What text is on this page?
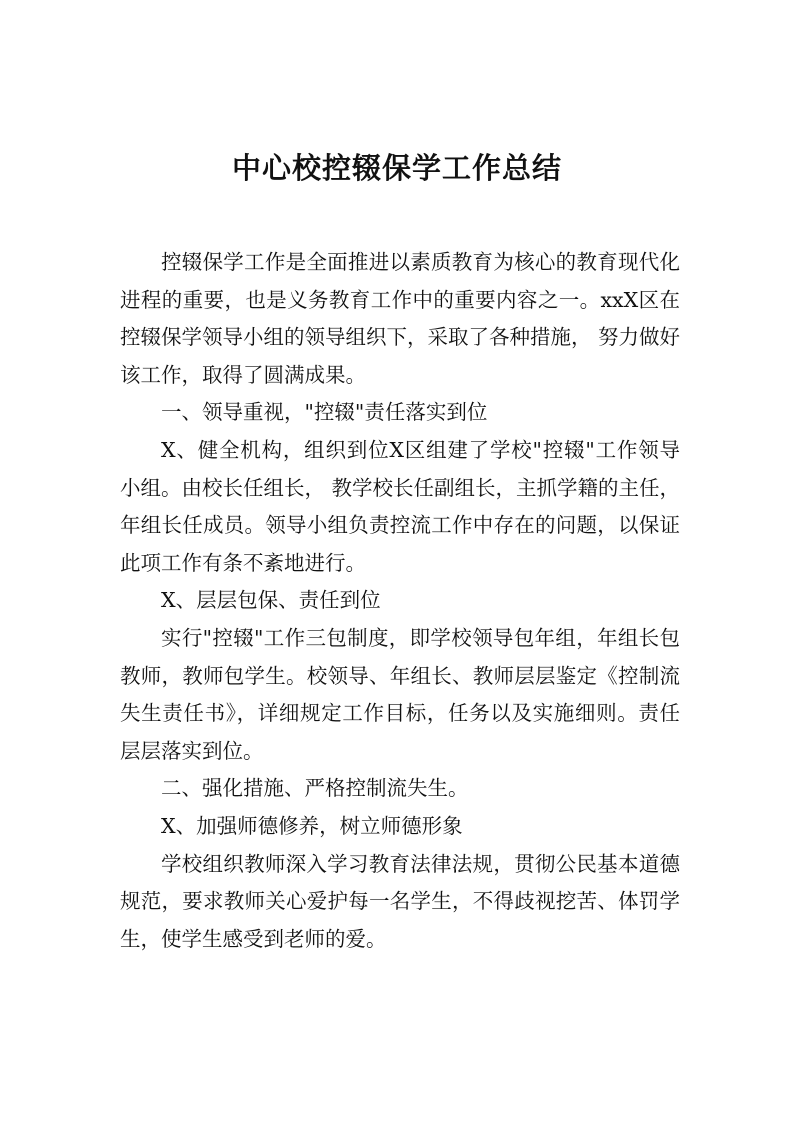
中心校控辍保学工作总结

控辍保学工作是全面推进以素质教育为核心的教育现代化进程的重要，也是义务教育工作中的重要内容之一。xxX区在控辍保学领导小组的领导组织下，采取了各种措施， 努力做好该工作，取得了圆满成果。

一、领导重视，"控辍"责任落实到位

X、健全机构，组织到位X区组建了学校"控辍"工作领导小组。由校长任组长， 教学校长任副组长，主抓学籍的主任，年组长任成员。领导小组负责控流工作中存在的问题，以保证此项工作有条不紊地进行。

X、层层包保、责任到位

实行"控辍"工作三包制度，即学校领导包年组，年组长包教师，教师包学生。校领导、年组长、教师层层鉴定《控制流失生责任书》，详细规定工作目标，任务以及实施细则。责任层层落实到位。

二、强化措施、严格控制流失生。

X、加强师德修养，树立师德形象

学校组织教师深入学习教育法律法规，贯彻公民基本道德规范，要求教师关心爱护每一名学生，不得歧视挖苦、体罚学生，使学生感受到老师的爱。
